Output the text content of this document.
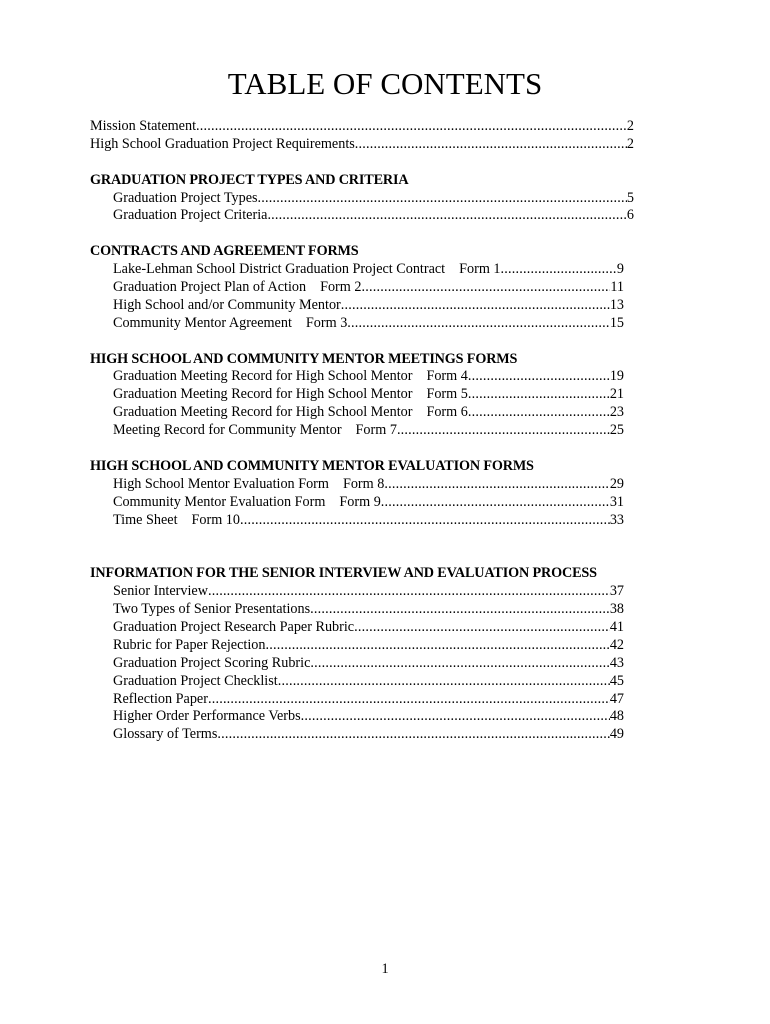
TABLE OF CONTENTS
Mission Statement .....	2
High School Graduation Project Requirements .....	2
GRADUATION PROJECT TYPES AND CRITERIA
Graduation Project Types .....	5
Graduation Project Criteria .....	6
CONTRACTS AND AGREEMENT FORMS
Lake-Lehman School District Graduation Project Contract Form 1 .....	9
Graduation Project Plan of Action Form 2 .....	11
High School and/or Community Mentor .....	13
Community Mentor Agreement Form 3 .....	15
HIGH SCHOOL AND COMMUNITY MENTOR MEETINGS FORMS
Graduation Meeting Record for High School Mentor Form 4 .....	19
Graduation Meeting Record for High School Mentor Form 5 .....	21
Graduation Meeting Record for High School Mentor Form 6 .....	23
Meeting Record for Community Mentor Form 7 .....	25
HIGH SCHOOL AND COMMUNITY MENTOR EVALUATION FORMS
High School Mentor Evaluation Form Form 8 .....	29
Community Mentor Evaluation Form Form 9 .....	31
Time Sheet Form 10 .....	33
INFORMATION FOR THE SENIOR INTERVIEW AND EVALUATION PROCESS
Senior Interview .....	37
Two Types of Senior Presentations .....	38
Graduation Project Research Paper Rubric .....	41
Rubric for Paper Rejection .....	42
Graduation Project Scoring Rubric .....	43
Graduation Project Checklist .....	45
Reflection Paper .....	47
Higher Order Performance Verbs .....	48
Glossary of Terms .....	49
1
